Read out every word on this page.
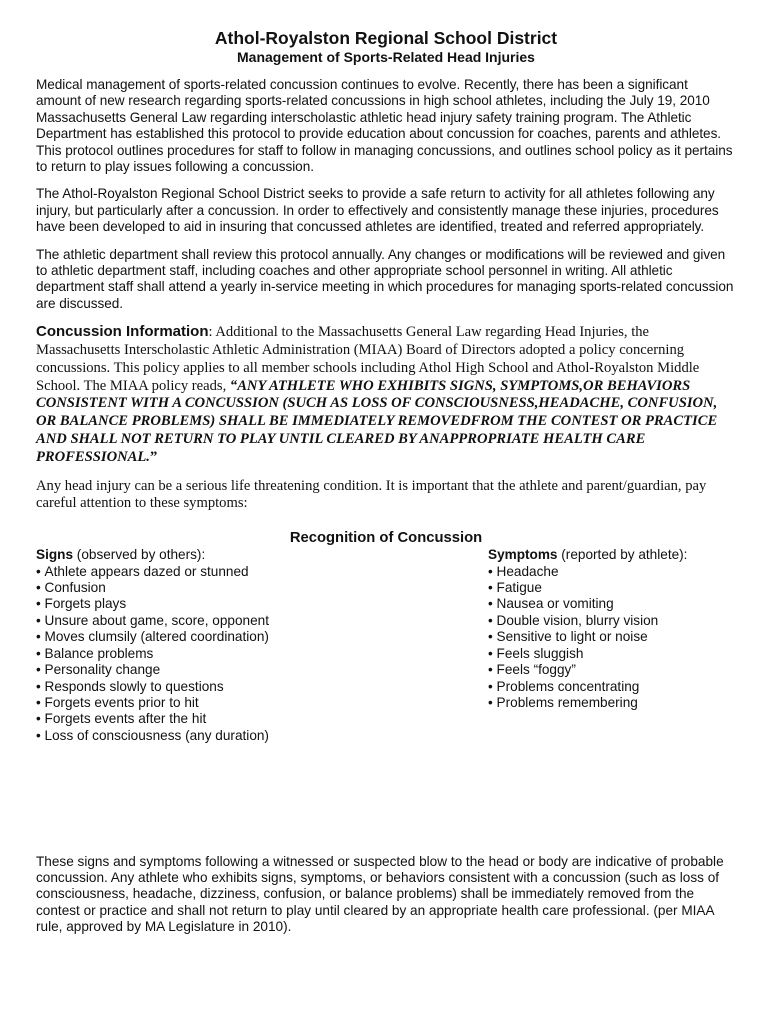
Athol-Royalston Regional School District
Management of Sports-Related Head Injuries

Medical management of sports-related concussion continues to evolve. Recently, there has been a significant amount of new research regarding sports-related concussions in high school athletes, including the July 19, 2010 Massachusetts General Law regarding interscholastic athletic head injury safety training program. The Athletic Department has established this protocol to provide education about concussion for coaches, parents and athletes. This protocol outlines procedures for staff to follow in managing concussions, and outlines school policy as it pertains to return to play issues following a concussion.

The Athol-Royalston Regional School District seeks to provide a safe return to activity for all athletes following any injury, but particularly after a concussion. In order to effectively and consistently manage these injuries, procedures have been developed to aid in insuring that concussed athletes are identified, treated and referred appropriately.

The athletic department shall review this protocol annually. Any changes or modifications will be reviewed and given to athletic department staff, including coaches and other appropriate school personnel in writing. All athletic department staff shall attend a yearly in-service meeting in which procedures for managing sports-related concussion are discussed.

Concussion Information: Additional to the Massachusetts General Law regarding Head Injuries, the Massachusetts Interscholastic Athletic Administration (MIAA) Board of Directors adopted a policy concerning concussions. This policy applies to all member schools including Athol High School and Athol-Royalston Middle School. The MIAA policy reads, “ANY ATHLETE WHO EXHIBITS SIGNS, SYMPTOMS,OR BEHAVIORS CONSISTENT WITH A CONCUSSION (SUCH AS LOSS OF CONSCIOUSNESS,HEADACHE, CONFUSION, OR BALANCE PROBLEMS) SHALL BE IMMEDIATELY REMOVEDFROM THE CONTEST OR PRACTICE AND SHALL NOT RETURN TO PLAY UNTIL CLEARED BY ANAPPROPRIATE HEALTH CARE PROFESSIONAL.”

Any head injury can be a serious life threatening condition. It is important that the athlete and parent/guardian, pay careful attention to these symptoms:

Recognition of Concussion
Signs (observed by others):
• Athlete appears dazed or stunned
• Confusion
• Forgets plays
• Unsure about game, score, opponent
• Moves clumsily (altered coordination)
• Balance problems
• Personality change
• Responds slowly to questions
• Forgets events prior to hit
• Forgets events after the hit
• Loss of consciousness (any duration)
Symptoms (reported by athlete):
• Headache
• Fatigue
• Nausea or vomiting
• Double vision, blurry vision
• Sensitive to light or noise
• Feels sluggish
• Feels “foggy”
• Problems concentrating
• Problems remembering

These signs and symptoms following a witnessed or suspected blow to the head or body are indicative of probable concussion. Any athlete who exhibits signs, symptoms, or behaviors consistent with a concussion (such as loss of consciousness, headache, dizziness, confusion, or balance problems) shall be immediately removed from the contest or practice and shall not return to play until cleared by an appropriate health care professional. (per MIAA rule, approved by MA Legislature in 2010).
